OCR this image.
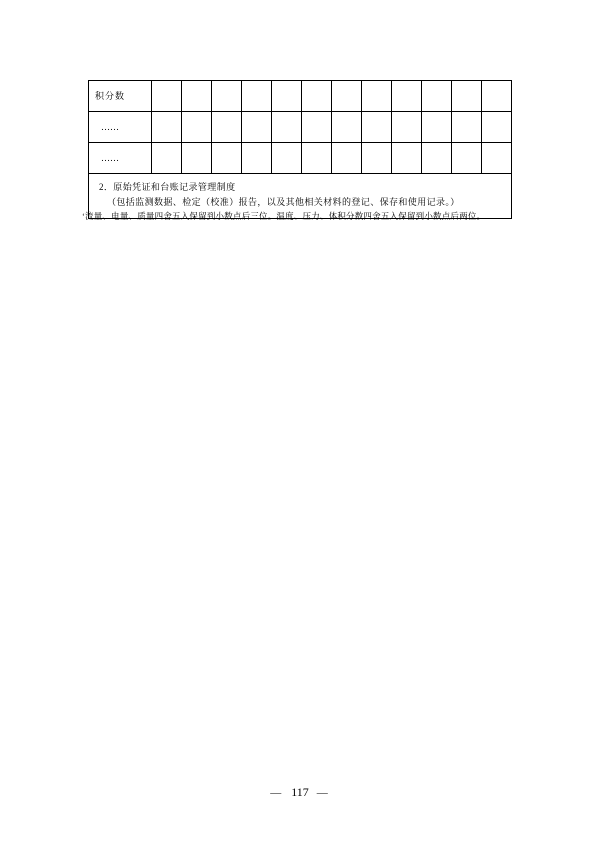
积分数												
……												
……												
2．原始凭证和台账记录管理制度
（包括监测数据、检定（校准）报告，以及其他相关材料的登记、保存和使用记录。）
‘流量、电量、质量四舍五入保留到小数点后三位。温度、压力、体积分数四舍五入保留到小数点后两位。
— 117 —
